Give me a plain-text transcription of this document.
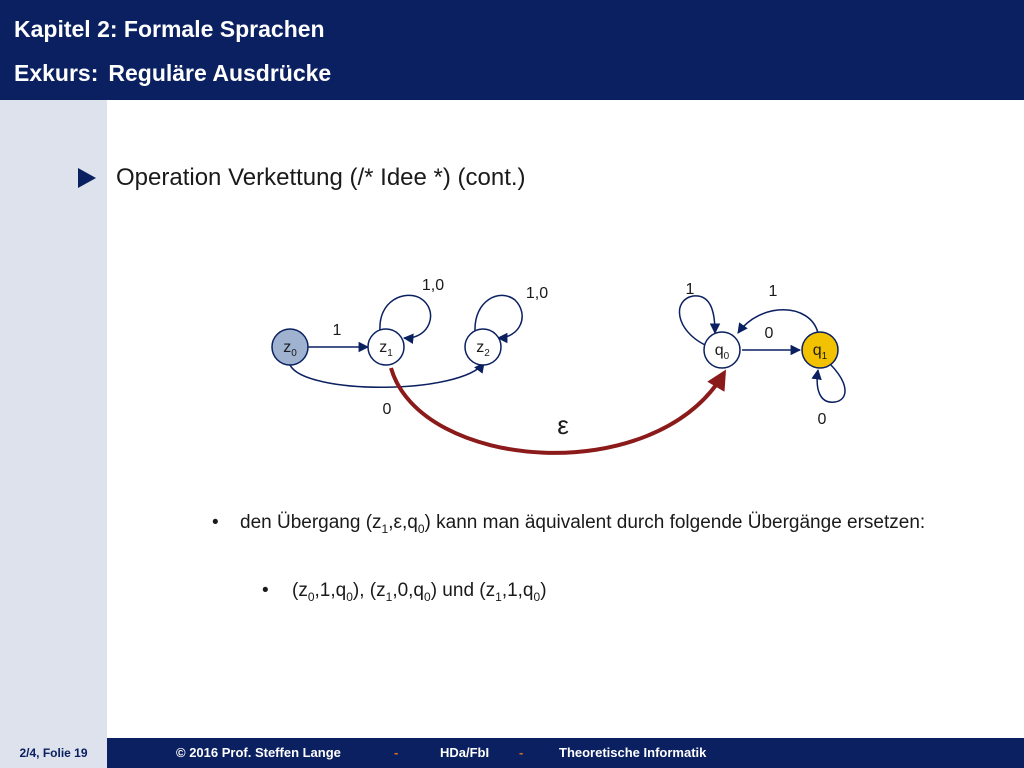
Kapitel 2: Formale Sprachen
Exkurs: Reguläre Ausdrücke
Operation Verkettung (/* Idee *) (cont.)
$z_0$	$z_1$	$z_2$	$q_0$	$q_1$
1
0
1,0	1,0	1
0
1
0
ε
• den Übergang $(z_1,\varepsilon,q_0)$ kann man äquivalent durch folgende Übergänge ersetzen:
• $(z_0,1,q_0)$, $(z_1,0,q_0)$ und $(z_1,1,q_0)$
2/4, Folie 19	© 2016 Prof. Steffen Lange	-	HDa/FbI -	Theoretische Informatik
